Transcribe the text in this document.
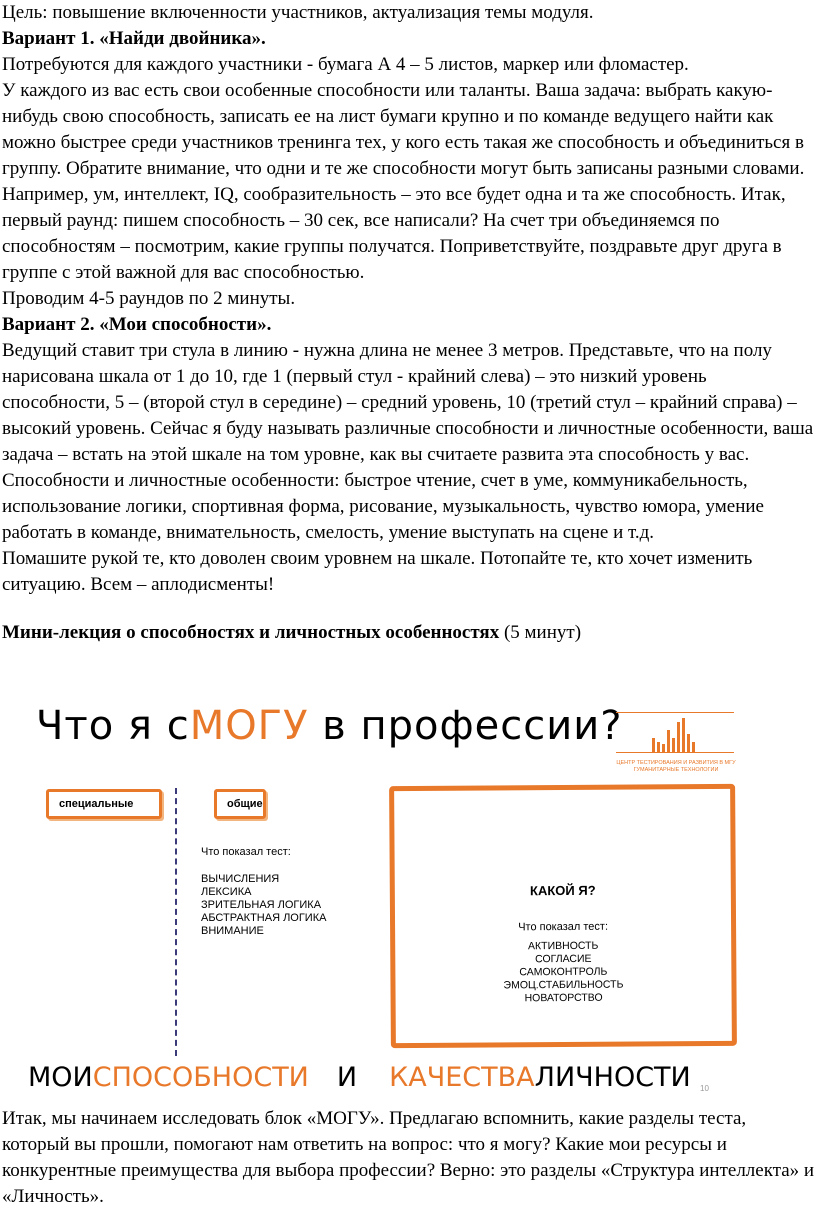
Цель: повышение включенности участников, актуализация темы модуля.

Вариант 1. «Найди двойника».

Потребуются для каждого участники - бумага А 4 – 5 листов, маркер или фломастер.

У каждого из вас есть свои особенные способности или таланты. Ваша задача: выбрать какую-нибудь свою способность, записать ее на лист бумаги крупно и по команде ведущего найти как можно быстрее среди участников тренинга тех, у кого есть такая же способность и объединиться в группу. Обратите внимание, что одни и те же способности могут быть записаны разными словами. Например, ум, интеллект, IQ, сообразительность – это все будет одна и та же способность. Итак, первый раунд: пишем способность – 30 сек, все написали? На счет три объединяемся по способностям – посмотрим, какие группы получатся. Поприветствуйте, поздравьте друг друга в группе с этой важной для вас способностью.

Проводим 4-5 раундов по 2 минуты.

Вариант 2. «Мои способности».

Ведущий ставит три стула в линию - нужна длина не менее 3 метров. Представьте, что на полу нарисована шкала от 1 до 10, где 1 (первый стул - крайний слева) – это низкий уровень способности, 5 – (второй стул в середине) – средний уровень, 10 (третий стул – крайний справа) – высокий уровень. Сейчас я буду называть различные способности и личностные особенности, ваша задача – встать на этой шкале на том уровне, как вы считаете развита эта способность у вас.

Способности и личностные особенности: быстрое чтение, счет в уме, коммуникабельность, использование логики, спортивная форма, рисование, музыкальность, чувство юмора, умение работать в команде, внимательность, смелость, умение выступать на сцене и т.д.

Помашите рукой те, кто доволен своим уровнем на шкале. Потопайте те, кто хочет изменить ситуацию. Всем – аплодисменты!

Мини-лекция о способностях и личностных особенностях (5 минут)

Что я сМОГУ в профессии?
ЦЕНТР ТЕСТИРОВАНИЯ И РАЗВИТИЯ В МГУ ГУМАНИТАРНЫЕ ТЕХНОЛОГИИ
специальные	общие
Что показал тест:
ВЫЧИСЛЕНИЯ
ЛЕКСИКА
ЗРИТЕЛЬНАЯ ЛОГИКА
АБСТРАКТНАЯ ЛОГИКА
ВНИМАНИЕ
КАКОЙ Я?
Что показал тест:
АКТИВНОСТЬ
СОГЛАСИЕ
САМОКОНТРОЛЬ
ЭМОЦ.СТАБИЛЬНОСТЬ
НОВАТОРСТВО
МОИСПОСОБНОСТИ И КАЧЕСТВАЛИЧНОСТИ 10

Итак, мы начинаем исследовать блок «МОГУ». Предлагаю вспомнить, какие разделы теста, который вы прошли, помогают нам ответить на вопрос: что я могу? Какие мои ресурсы и конкурентные преимущества для выбора профессии? Верно: это разделы «Структура интеллекта» и «Личность».
